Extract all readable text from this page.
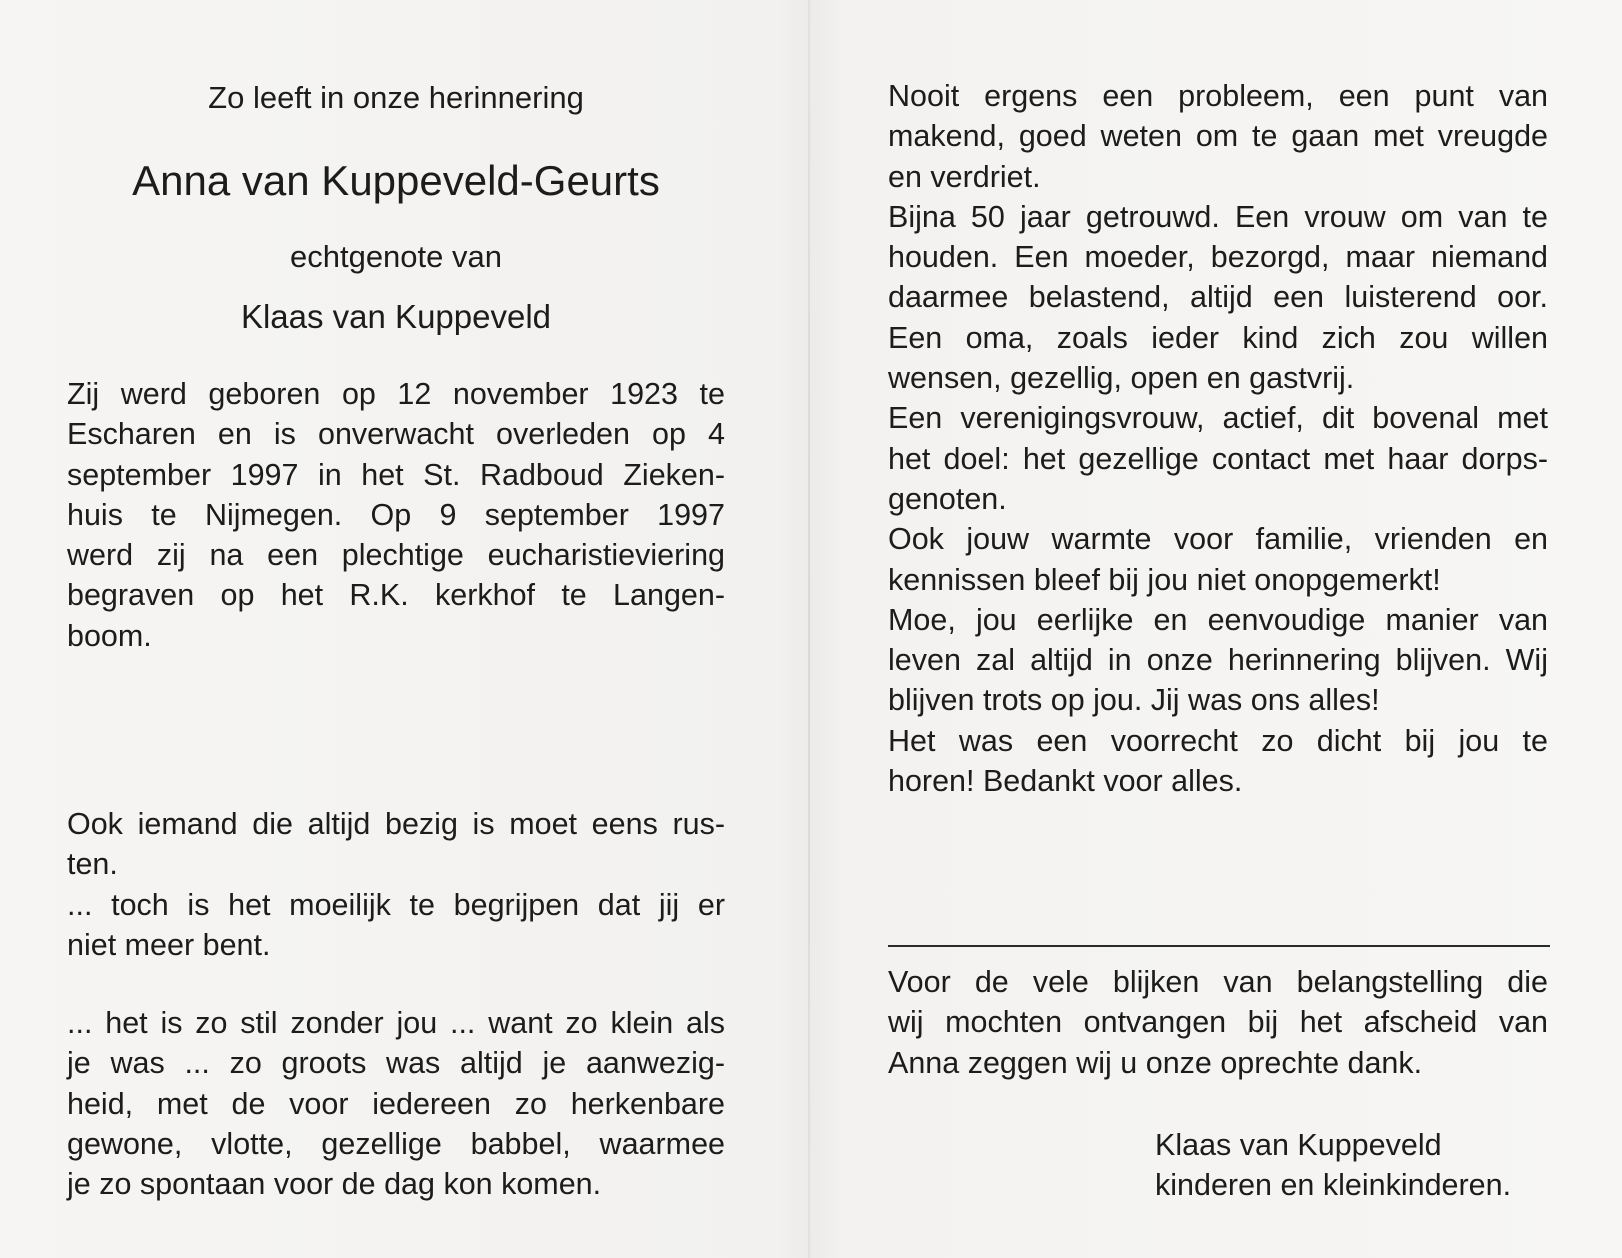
Zo leeft in onze herinnering
Anna van Kuppeveld-Geurts
echtgenote van
Klaas van Kuppeveld
Zij werd geboren op 12 november 1923 te
Escharen en is onverwacht overleden op 4
september 1997 in het St. Radboud Zieken-
huis te Nijmegen. Op 9 september 1997
werd zij na een plechtige eucharistieviering
begraven op het R.K. kerkhof te Langen-
boom.
Ook iemand die altijd bezig is moet eens rus-
ten.
... toch is het moeilijk te begrijpen dat jij er
niet meer bent.
... het is zo stil zonder jou ... want zo klein als
je was ... zo groots was altijd je aanwezig-
heid, met de voor iedereen zo herkenbare
gewone, vlotte, gezellige babbel, waarmee
je zo spontaan voor de dag kon komen.
Nooit ergens een probleem, een punt van
makend, goed weten om te gaan met vreugde
en verdriet.
Bijna 50 jaar getrouwd. Een vrouw om van te
houden. Een moeder, bezorgd, maar niemand
daarmee belastend, altijd een luisterend oor.
Een oma, zoals ieder kind zich zou willen
wensen, gezellig, open en gastvrij.
Een verenigingsvrouw, actief, dit bovenal met
het doel: het gezellige contact met haar dorps-
genoten.
Ook jouw warmte voor familie, vrienden en
kennissen bleef bij jou niet onopgemerkt!
Moe, jou eerlijke en eenvoudige manier van
leven zal altijd in onze herinnering blijven. Wij
blijven trots op jou. Jij was ons alles!
Het was een voorrecht zo dicht bij jou te
horen! Bedankt voor alles.
Voor de vele blijken van belangstelling die
wij mochten ontvangen bij het afscheid van
Anna zeggen wij u onze oprechte dank.
Klaas van Kuppeveld
kinderen en kleinkinderen.
